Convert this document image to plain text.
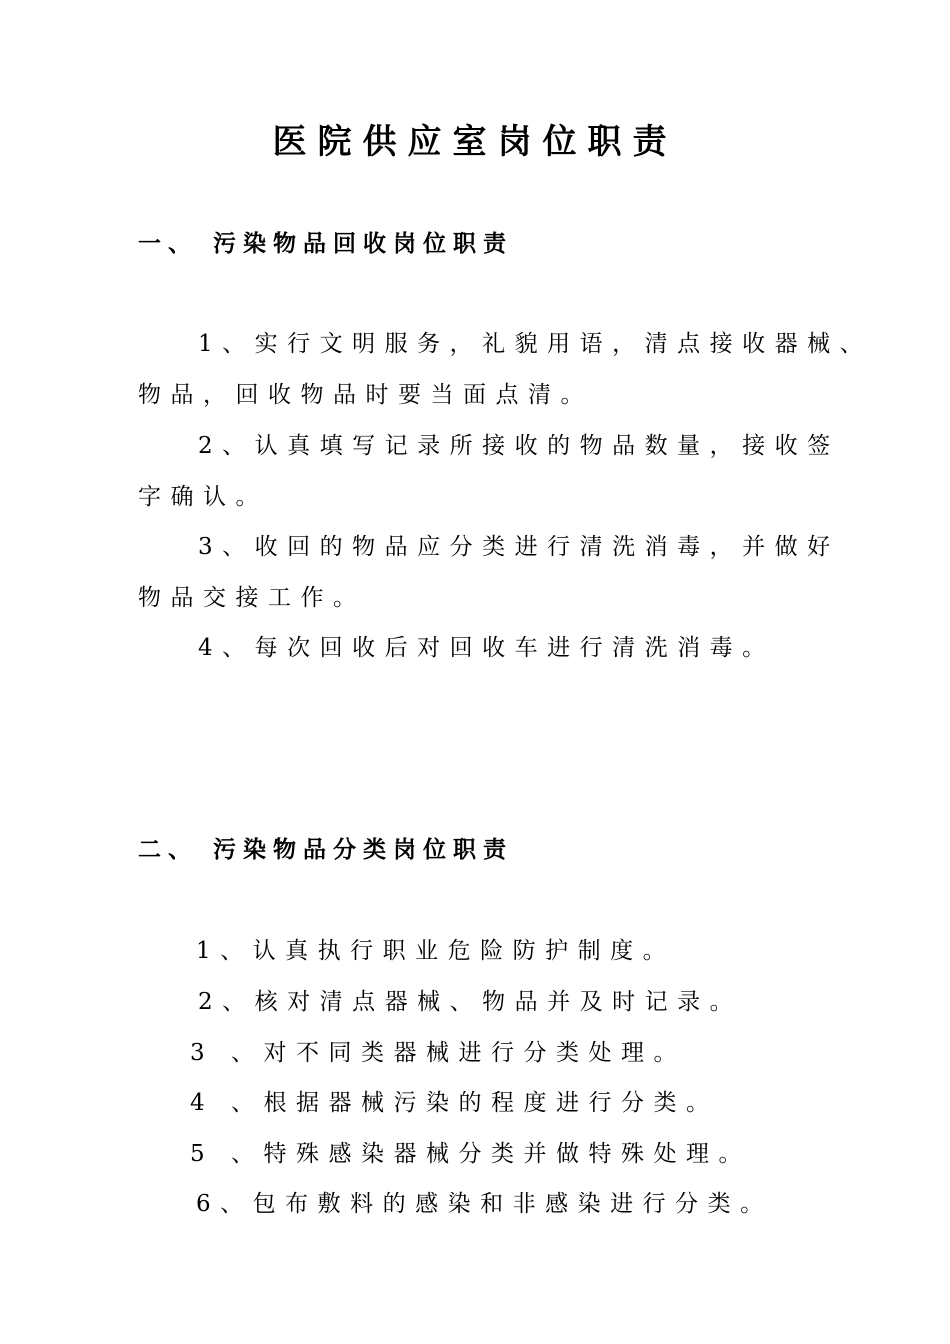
医院供应室岗位职责
一、 污染物品回收岗位职责
1、实行文明服务，礼貌用语，清点接收器械、
物品，回收物品时要当面点清。
2、认真填写记录所接收的物品数量，接收签
字确认。
3、收回的物品应分类进行清洗消毒，并做好
物品交接工作。
4、每次回收后对回收车进行清洗消毒。
二、 污染物品分类岗位职责
1、认真执行职业危险防护制度。
2、核对清点器械、物品并及时记录。
3 、对不同类器械进行分类处理。
4 、根据器械污染的程度进行分类。
5 、特殊感染器械分类并做特殊处理。
6、包布敷料的感染和非感染进行分类。
